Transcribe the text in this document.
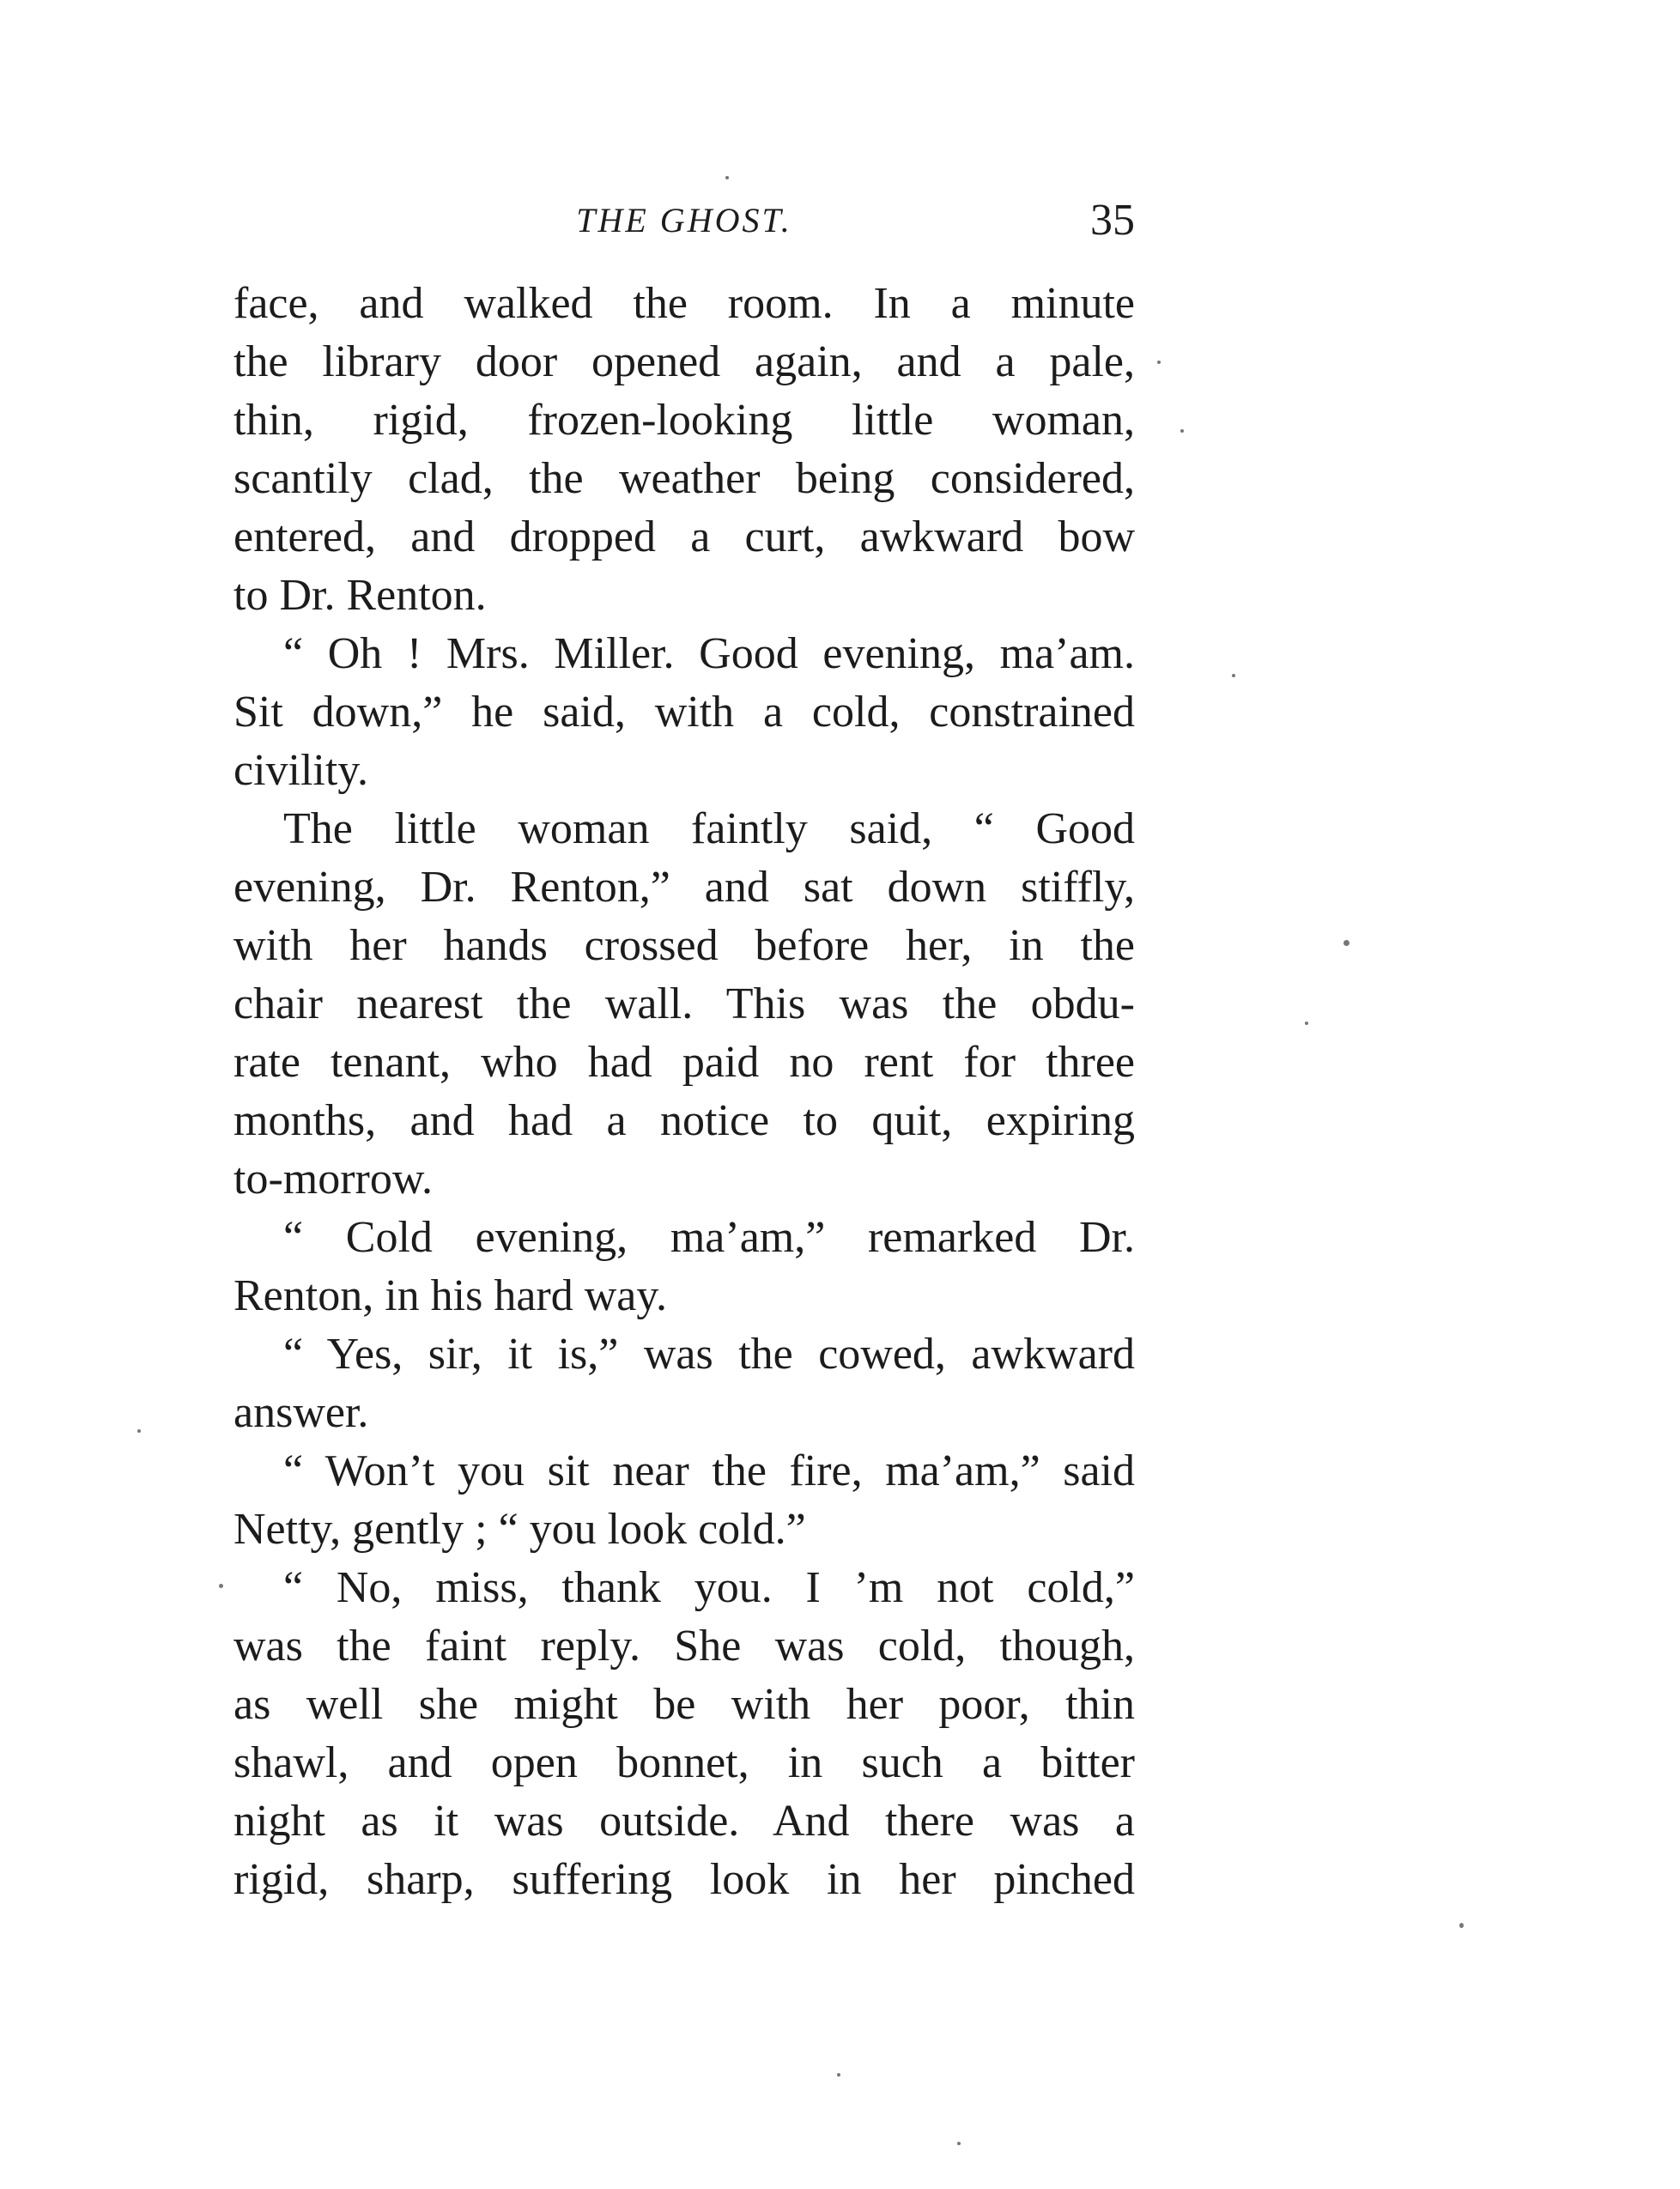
THE GHOST.	35
face, and walked the room. In a minute
the library door opened again, and a pale,
thin, rigid, frozen-looking little woman,
scantily clad, the weather being considered,
entered, and dropped a curt, awkward bow
to Dr. Renton.
“ Oh ! Mrs. Miller. Good evening, ma’am.
Sit down,” he said, with a cold, constrained
civility.
The little woman faintly said, “ Good
evening, Dr. Renton,” and sat down stiffly,
with her hands crossed before her, in the
chair nearest the wall. This was the obdu-
rate tenant, who had paid no rent for three
months, and had a notice to quit, expiring
to-morrow.
“ Cold evening, ma’am,” remarked Dr.
Renton, in his hard way.
“ Yes, sir, it is,” was the cowed, awkward
answer.
“ Won’t you sit near the fire, ma’am,” said
Netty, gently ; “ you look cold.”
“ No, miss, thank you. I ’m not cold,”
was the faint reply. She was cold, though,
as well she might be with her poor, thin
shawl, and open bonnet, in such a bitter
night as it was outside. And there was a
rigid, sharp, suffering look in her pinched
